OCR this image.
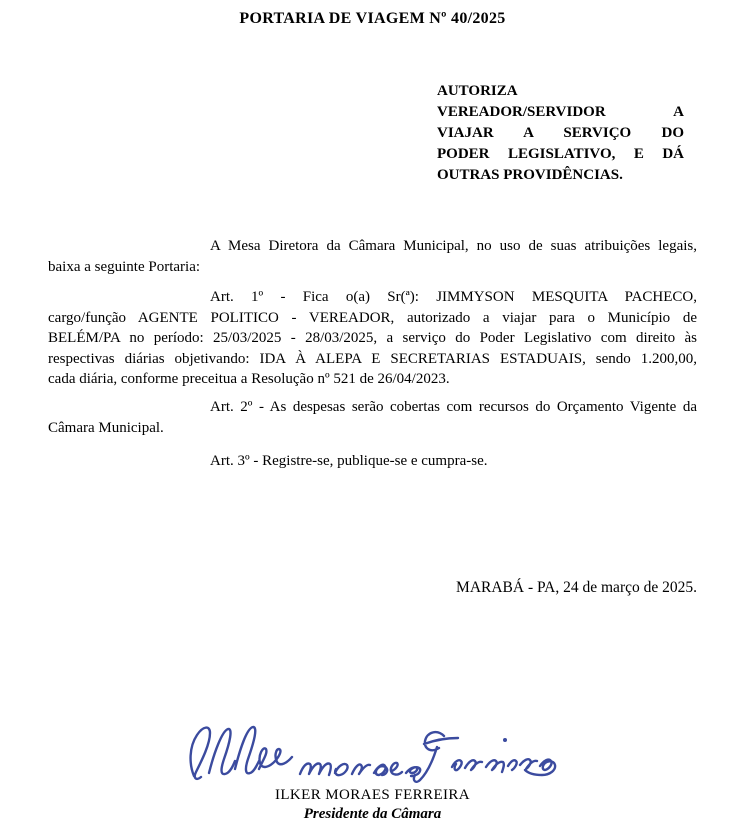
PORTARIA DE VIAGEM Nº 40/2025
AUTORIZA
VEREADOR/SERVIDOR A
VIAJAR A SERVIÇO DO
PODER LEGISLATIVO, E DÁ
OUTRAS PROVIDÊNCIAS.
A Mesa Diretora da Câmara Municipal, no uso de suas atribuições legais,
baixa a seguinte Portaria:
Art. 1º - Fica o(a) Sr(ª): JIMMYSON MESQUITA PACHECO,
cargo/função AGENTE POLITICO - VEREADOR, autorizado a viajar para o Município de
BELÉM/PA no período: 25/03/2025 - 28/03/2025, a serviço do Poder Legislativo com direito às
respectivas diárias objetivando: IDA À ALEPA E SECRETARIAS ESTADUAIS, sendo 1.200,00,
cada diária, conforme preceitua a Resolução nº 521 de 26/04/2023.
Art. 2º - As despesas serão cobertas com recursos do Orçamento Vigente da
Câmara Municipal.
Art. 3º - Registre-se, publique-se e cumpra-se.
MARABÁ - PA, 24 de março de 2025.
ILKER MORAES FERREIRA
Presidente da Câmara
